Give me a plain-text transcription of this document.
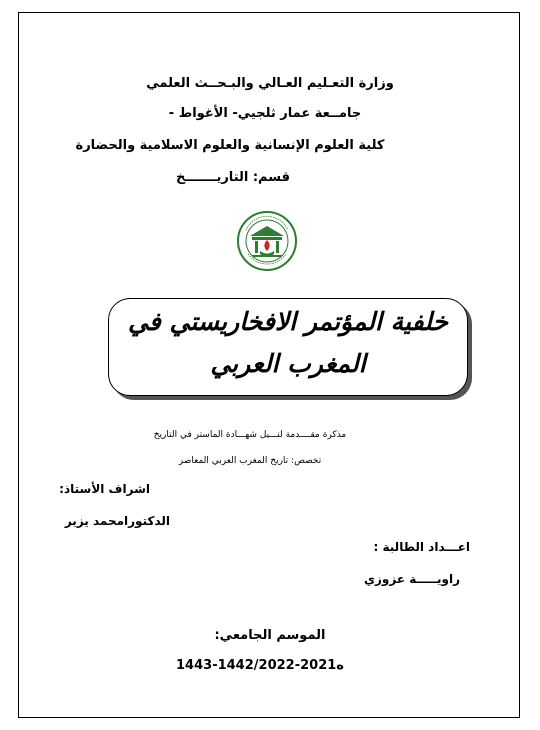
وزارة التعـليم العـالي والبـحــث العلمي
جامــعة عمار ثلجيي- الأغواط -
كلية العلوم الإنسانية والعلوم الاسلامية والحضارة
قسم: التاريـــــــخ
خلفية المؤتمر الافخاريستي في
المغرب العربي
مذكرة مقــــدمة لنـــيل شهـــادة الماستر في التاريخ
تخصص: تاريخ المغرب العربي المعاصر
اشراف الأستاذ:
الدكتورامحمد يزير
اعـــداد الطالبة :
راويـــــة عزوزي
الموسم الجامعي:
1443-1442/2022-2021ه
